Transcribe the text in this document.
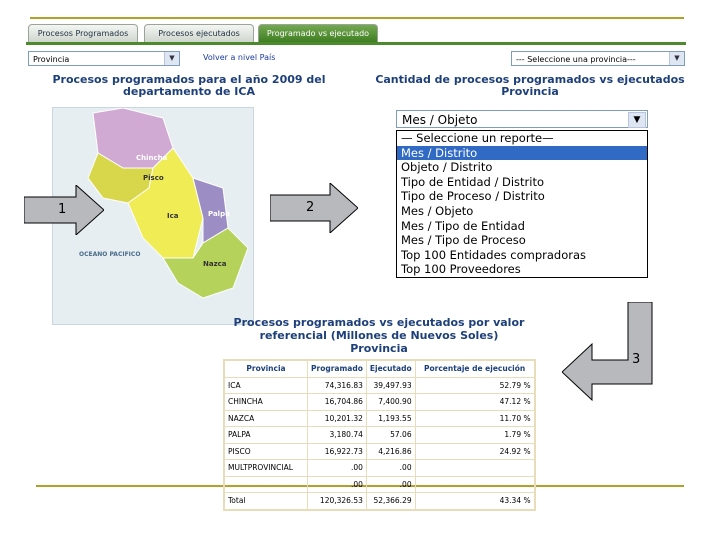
Procesos Programados	Procesos ejecutados	Programado vs ejecutado
Provincia	▼	Volver a nivel País	--- Seleccione una provincia---	▼
Procesos programados para el año 2009 del
departamento de ICA
Cantidad de procesos programados vs ejecutados
Provincia
Chincha
Pisco
Ica	Palpa
Nazca
OCEANO PACIFICO
1	2
Mes / Objeto	▼
— Seleccione un reporte—
Mes / Distrito
Objeto / Distrito
Tipo de Entidad / Distrito
Tipo de Proceso / Distrito
Mes / Objeto
Mes / Tipo de Entidad
Mes / Tipo de Proceso
Top 100 Entidades compradoras
Top 100 Proveedores
Procesos programados vs ejecutados por valor
referencial (Millones de Nuevos Soles)
Provincia
Provincia	Programado	Ejecutado	Porcentaje de ejecución
ICA	74,316.83	39,497.93	52.79 %
CHINCHA	16,704.86	7,400.90	47.12 %
NAZCA	10,201.32	1,193.55	11.70 %
PALPA	3,180.74	57.06	1.79 %
PISCO	16,922.73	4,216.86	24.92 %
MULTPROVINCIAL	.00	.00	
	.00	.00	
Total	120,326.53	52,366.29	43.34 %
3
